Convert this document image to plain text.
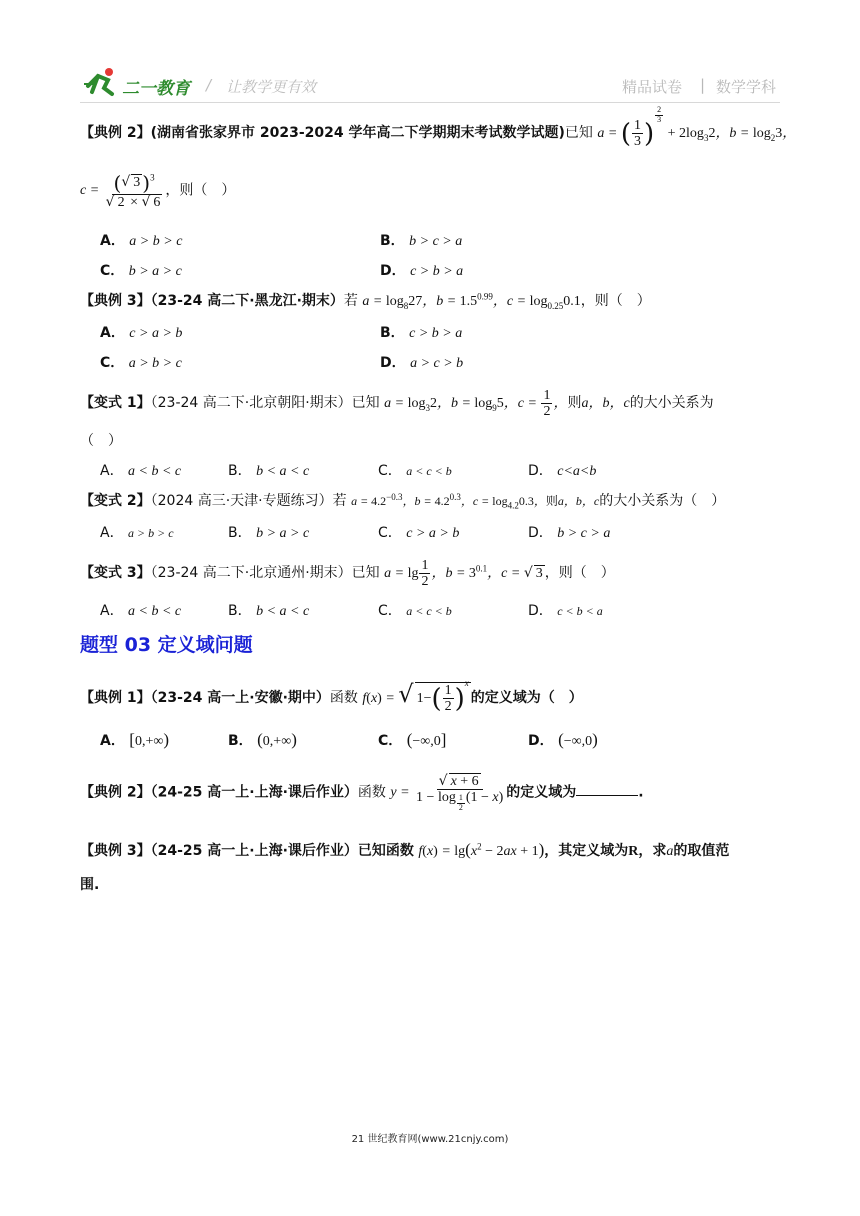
二一教育 / 让教学更有效	精品试卷 | 数学学科
【典例 2】(湖南省张家界市 2023-2024 学年高二下学期期末考试数学试题)已知 a = ( $\frac{1}{3}$ )
$^{\frac{2}{3}}$
+ $2\log_32$，$b = \log_23$，
$c = \frac{(√ 3 )^3}{√ 2 \times √ 6}$ ，则（　）
A． a > b > c	B． b > c > a
C． b > a > c	D． c > b > a
【典例 3】（23-24 高二下·黑龙江·期末）若 $a = \log_827$，$b = 1.5^{0.99}$，$c = \log_{0.25}0.1$，则（　）
A． c > a > b	B． c > b > a
C． a > b > c	D． a > c > b
【变式 1】（23-24 高二下·北京朝阳·期末）已知 $a = \log_32$，$b = \log_95$，$c = \frac{1}{2}$ ，则a，b，c的大小关系为
（　）
A． a < b < c	B． b < a < c	C． a < c < b	D． c<a<b
【变式 2】（2024 高三·天津·专题练习）若 $a = 4.2^{-0.3}$，$b = 4.2^{0.3}$，$c = \log_{4.2}0.3$，则a，b，c的大小关系为（　）
A． a > b > c	B． b > a > c	C． c > a > b	D． b > c > a
【变式 3】（23-24 高二下·北京通州·期末）已知 $a = \lg \frac{1}{2}$ ，$b = 3^{0.1}$，c = √ 3 ，则（　）
A． a < b < c	B． b < a < c	C． a < c < b	D． c < b < a
题型 03 定义域问题
【典例 1】（23-24 高一上·安徽·期中）函数 f(x) = √ $1-( \frac{1}{2} )^x$的定义域为（　）
A． [0,+∞)	B． (0,+∞)	C． (−∞,0]	D． (−∞,0)
【典例 2】（24-25 高一上·上海·课后作业）函数 y = √ x + 6
1 − log $_{\frac{1}{2}}$ (1 − x) 的定义域为	.
【典例 3】（24-25 高一上·上海·课后作业）已知函数 $f(x) = \lg(x^2 - 2ax + 1)$，其定义域为R，求a的取值范
围.
21 世纪教育网(www.21cnjy.com)
